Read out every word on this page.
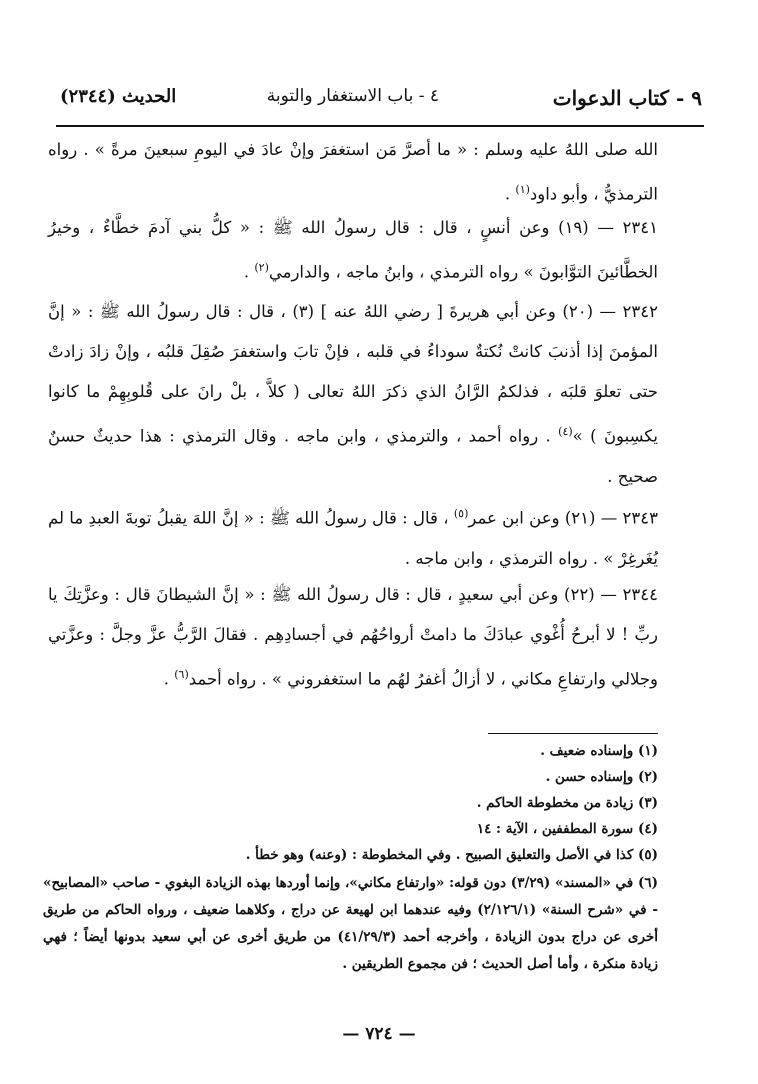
٩ - كتاب الدعوات
٤ - باب الاستغفار والتوبة
الحديث (٢٣٤٤)
الله صلى اللهُ عليه وسلم : « ما أصرَّ مَن استغفرَ وإنْ عادَ في اليومِ سبعينَ مرةً » . رواه الترمذيُّ ، وأبو داود$^{(١)}$ .
٢٣٤١ — (١٩) وعن أنسٍ ، قال : قال رسولُ الله ﷺ : « كلُّ بني آدمَ خطَّاءٌ ، وخيرُ الخطَّائينَ التوَّابونَ » رواه الترمذي ، وابنُ ماجه ، والدارمي$^{(٢)}$ .
٢٣٤٢ — (٢٠) وعن أبي هريرةَ [ رضي اللهُ عنه ] (٣) ، قال : قال رسولُ الله ﷺ : « إنَّ المؤمنَ إذا أذنبَ كانتْ نُكتةٌ سوداءُ في قلبه ، فإنْ تابَ واستغفرَ صُقِلَ قلبُه ، وإنْ زادَ زادتْ حتى تعلوَ قلبَه ، فذلكمُ الرَّانُ الذي ذكرَ اللهُ تعالى ( كلاَّ ، بلْ رانَ على قُلوبِهِمْ ما كانوا يكسِبونَ ) »$^{(٤)}$ . رواه أحمد ، والترمذي ، وابن ماجه . وقال الترمذي : هذا حديثٌ حسنٌ صحيح .
٢٣٤٣ — (٢١) وعن ابن عمر$^{(٥)}$ ، قال : قال رسولُ الله ﷺ : « إنَّ اللهَ يقبلُ توبةَ العبدِ ما لم يُغَرغِرْ » . رواه الترمذي ، وابن ماجه .
٢٣٤٤ — (٢٢) وعن أبي سعيدٍ ، قال : قال رسولُ الله ﷺ : « إنَّ الشيطانَ قال : وعزَّتِكَ يا ربِّ ! لا أبرحُ أُغْوي عبادَكَ ما دامتْ أرواحُهُم في أجسادِهِم . فقالَ الرَّبُّ عزَّ وجلَّ : وعزَّتي وجلالي وارتفاعِ مكاني ، لا أزالُ أغفرُ لهُم ما استغفروني » . رواه أحمد$^{(٦)}$ .
(١) وإسناده ضعيف .
(٢) وإسناده حسن .
(٣) زيادة من مخطوطة الحاكم .
(٤) سورة المطففين ، الآية : ١٤
(٥) كذا في الأصل والتعليق الصبيح . وفي المخطوطة : (وعنه) وهو خطأ .
(٦) في «المسند» (٣/٢٩) دون قوله: «وارتفاع مكاني»، وإنما أوردها بهذه الزيادة البغوي - صاحب «المصابيح» - في «شرح السنة» (٢/١٢٦/١) وفيه عندهما ابن لهيعة عن دراج ، وكلاهما ضعيف ، ورواه الحاكم من طريق أخرى عن دراج بدون الزيادة ، وأخرجه أحمد (٤١/٢٩/٣) من طريق أخرى عن أبي سعيد بدونها أيضاً ؛ فهي زيادة منكرة ، وأما أصل الحديث ؛ فن مجموع الطريقين .
— ٧٢٤ —
